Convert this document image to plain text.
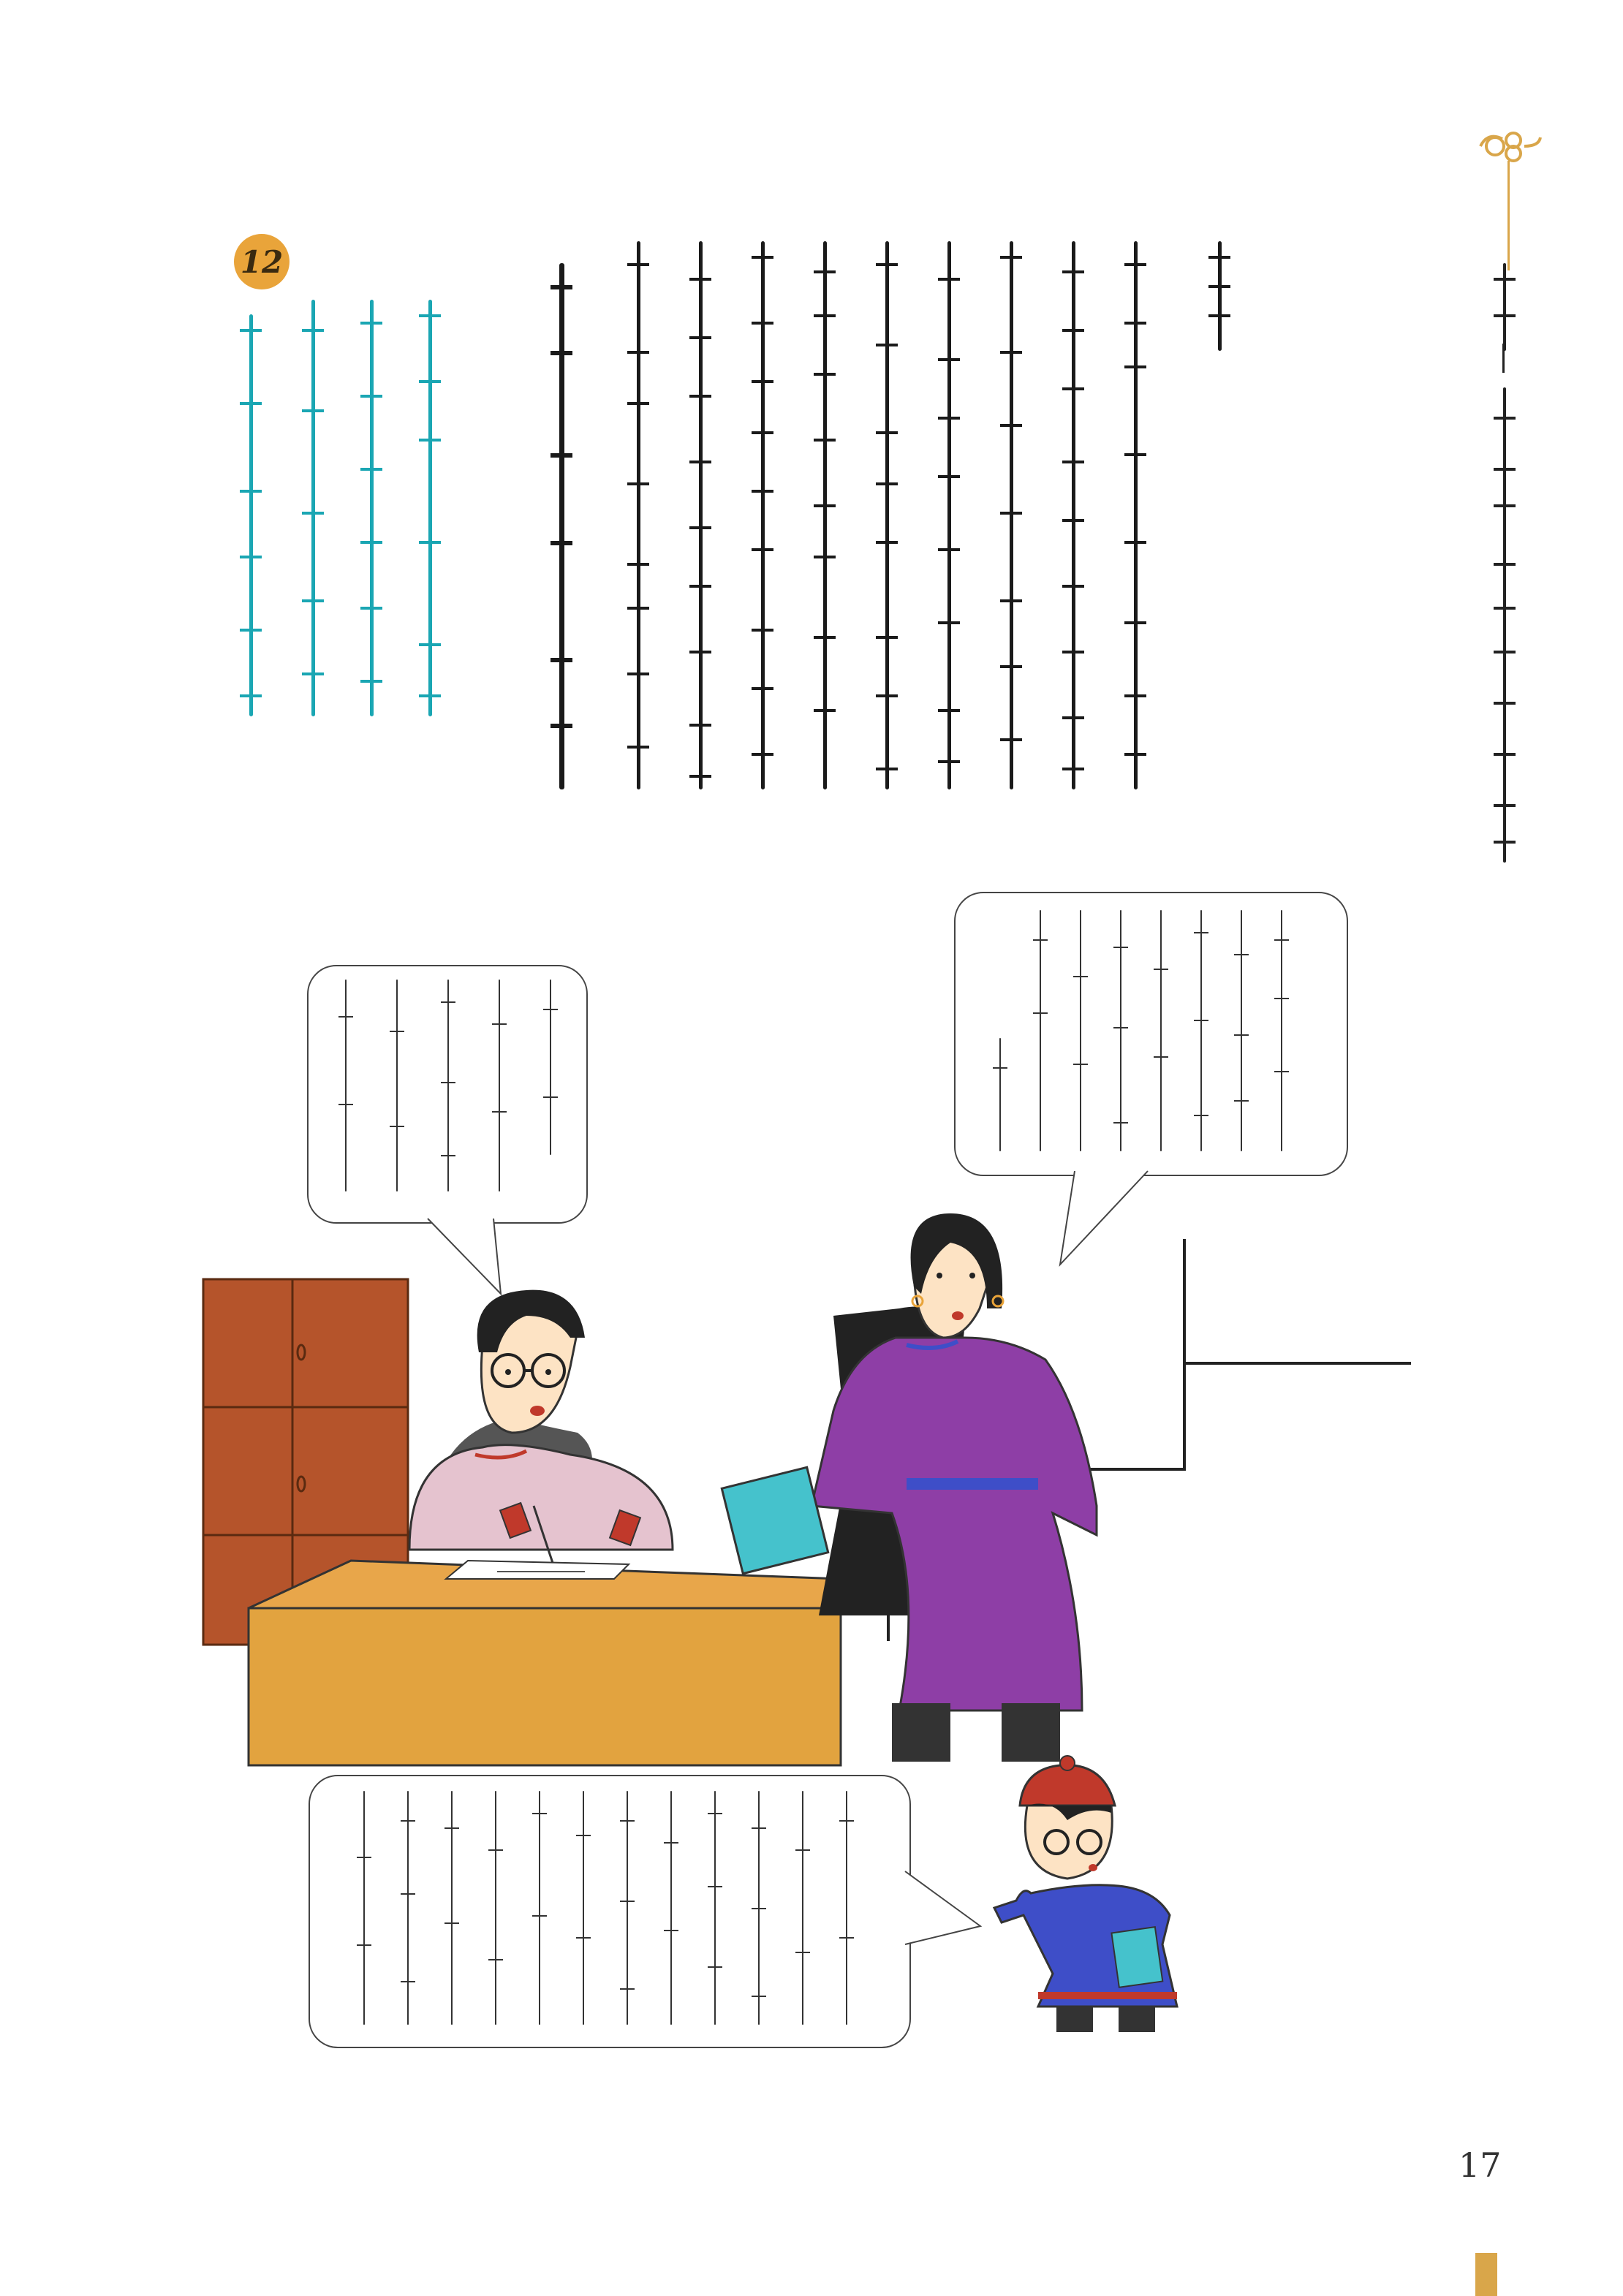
12
17
